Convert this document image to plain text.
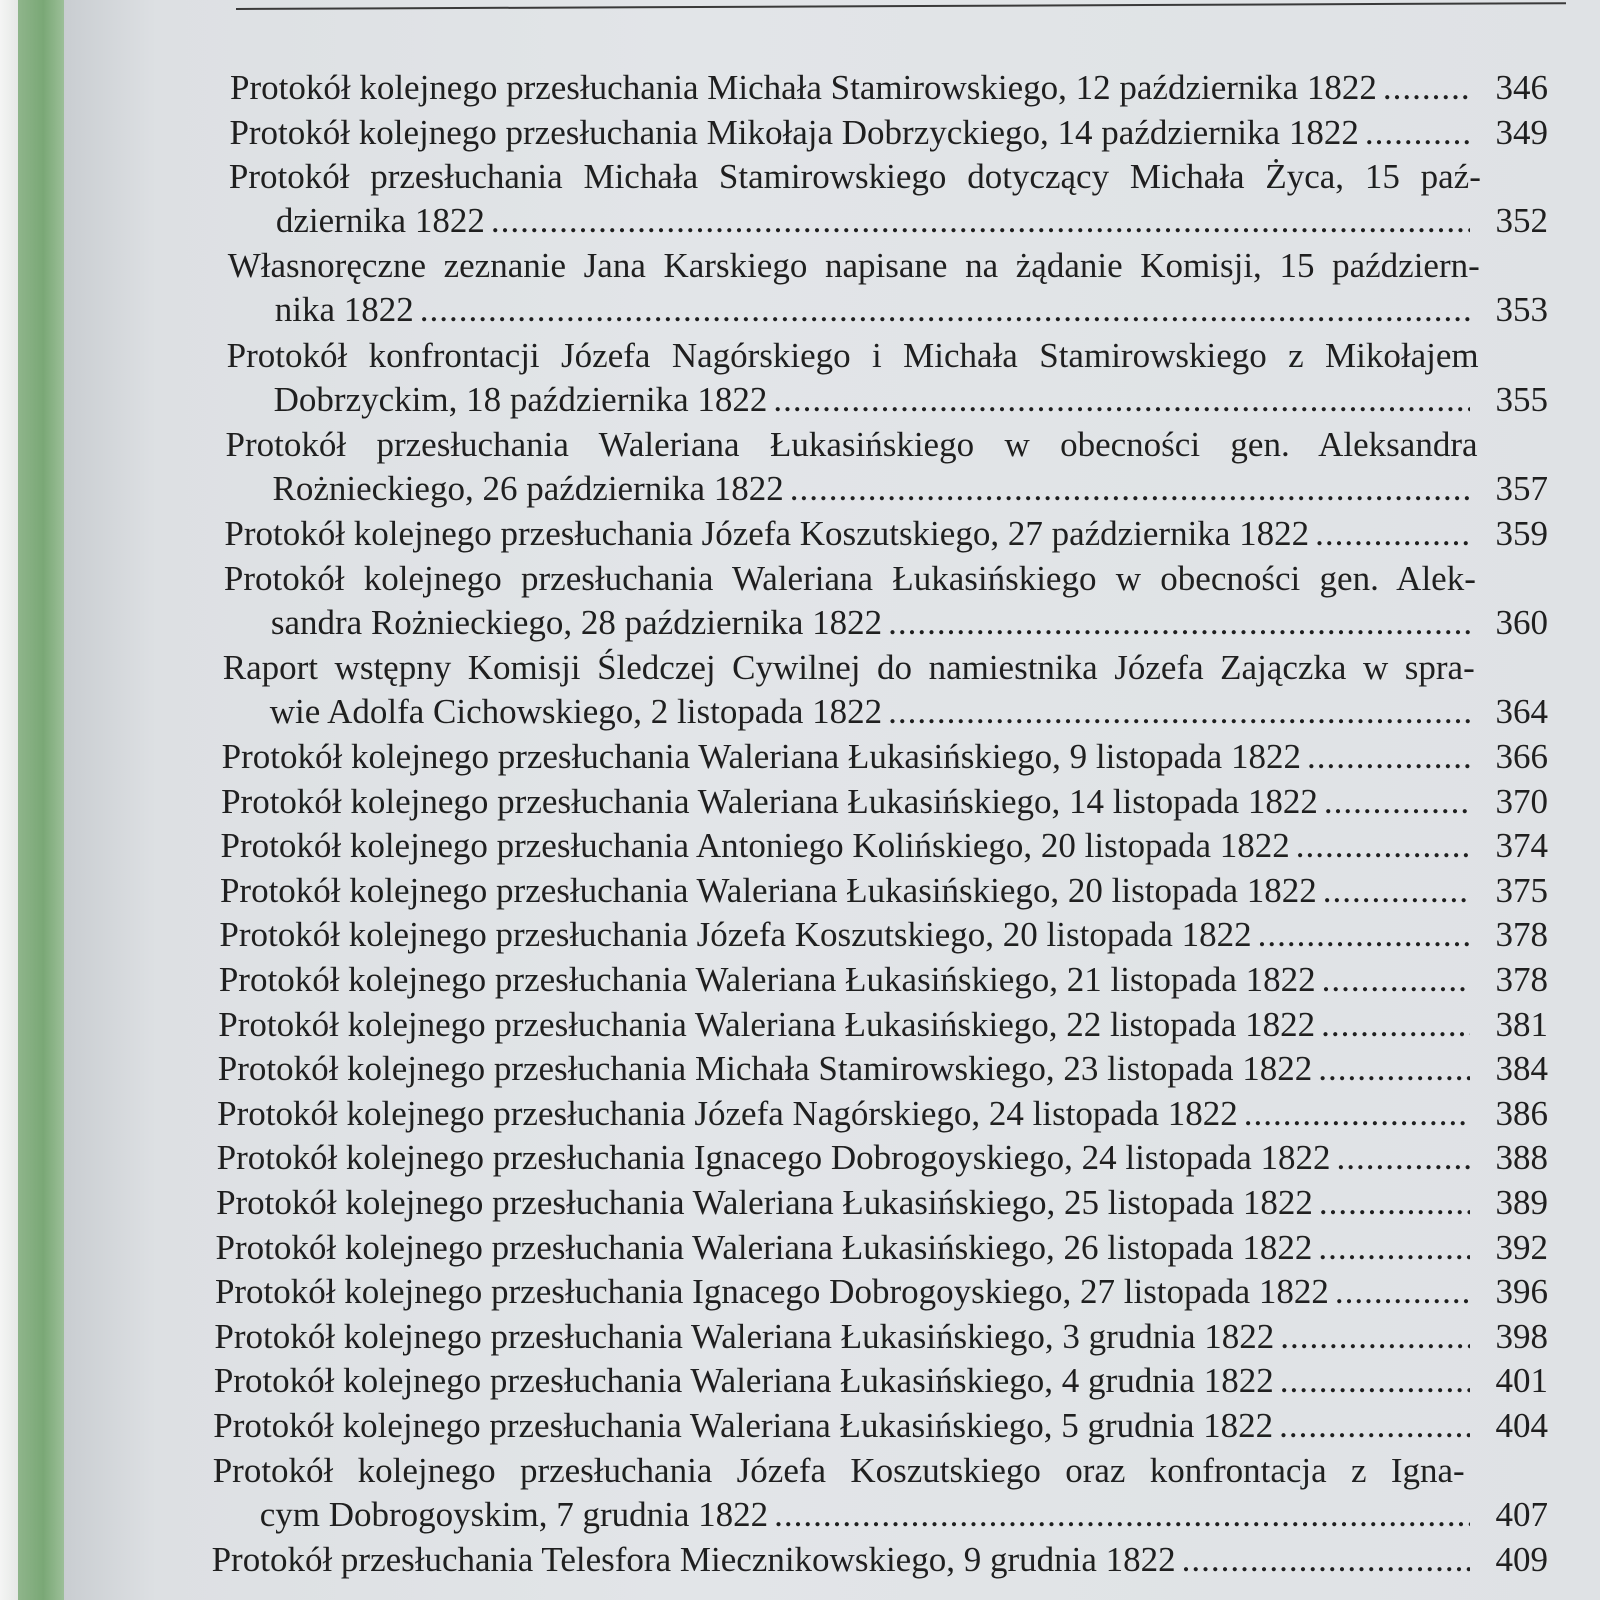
Protokół kolejnego przesłuchania Michała Stamirowskiego, 12 października 1822 .....	346
Protokół kolejnego przesłuchania Mikołaja Dobrzyckiego, 14 października 1822 .....	349
Protokół przesłuchania Michała Stamirowskiego dotyczący Michała Życa, 15 paź-
dziernika 1822 .....	352
Własnoręczne zeznanie Jana Karskiego napisane na żądanie Komisji, 15 październ-
nika 1822 .....	353
Protokół konfrontacji Józefa Nagórskiego i Michała Stamirowskiego z Mikołajem
Dobrzyckim, 18 października 1822 .....	355
Protokół przesłuchania Waleriana Łukasińskiego w obecności gen. Aleksandra
Rożnieckiego, 26 października 1822 .....	357
Protokół kolejnego przesłuchania Józefa Koszutskiego, 27 października 1822 .....	359
Protokół kolejnego przesłuchania Waleriana Łukasińskiego w obecności gen. Alek-
sandra Rożnieckiego, 28 października 1822 .....	360
Raport wstępny Komisji Śledczej Cywilnej do namiestnika Józefa Zajączka w spra-
wie Adolfa Cichowskiego, 2 listopada 1822 .....	364
Protokół kolejnego przesłuchania Waleriana Łukasińskiego, 9 listopada 1822 .....	366
Protokół kolejnego przesłuchania Waleriana Łukasińskiego, 14 listopada 1822 .....	370
Protokół kolejnego przesłuchania Antoniego Kolińskiego, 20 listopada 1822 .....	374
Protokół kolejnego przesłuchania Waleriana Łukasińskiego, 20 listopada 1822 .....	375
Protokół kolejnego przesłuchania Józefa Koszutskiego, 20 listopada 1822 .....	378
Protokół kolejnego przesłuchania Waleriana Łukasińskiego, 21 listopada 1822 .....	378
Protokół kolejnego przesłuchania Waleriana Łukasińskiego, 22 listopada 1822 .....	381
Protokół kolejnego przesłuchania Michała Stamirowskiego, 23 listopada 1822 .....	384
Protokół kolejnego przesłuchania Józefa Nagórskiego, 24 listopada 1822 .....	386
Protokół kolejnego przesłuchania Ignacego Dobrogoyskiego, 24 listopada 1822 .....	388
Protokół kolejnego przesłuchania Waleriana Łukasińskiego, 25 listopada 1822 .....	389
Protokół kolejnego przesłuchania Waleriana Łukasińskiego, 26 listopada 1822 .....	392
Protokół kolejnego przesłuchania Ignacego Dobrogoyskiego, 27 listopada 1822 .....	396
Protokół kolejnego przesłuchania Waleriana Łukasińskiego, 3 grudnia 1822 .....	398
Protokół kolejnego przesłuchania Waleriana Łukasińskiego, 4 grudnia 1822 .....	401
Protokół kolejnego przesłuchania Waleriana Łukasińskiego, 5 grudnia 1822 .....	404
Protokół kolejnego przesłuchania Józefa Koszutskiego oraz konfrontacja z Igna-
cym Dobrogoyskim, 7 grudnia 1822 .....	407
Protokół przesłuchania Telesfora Miecznikowskiego, 9 grudnia 1822 .....	409
